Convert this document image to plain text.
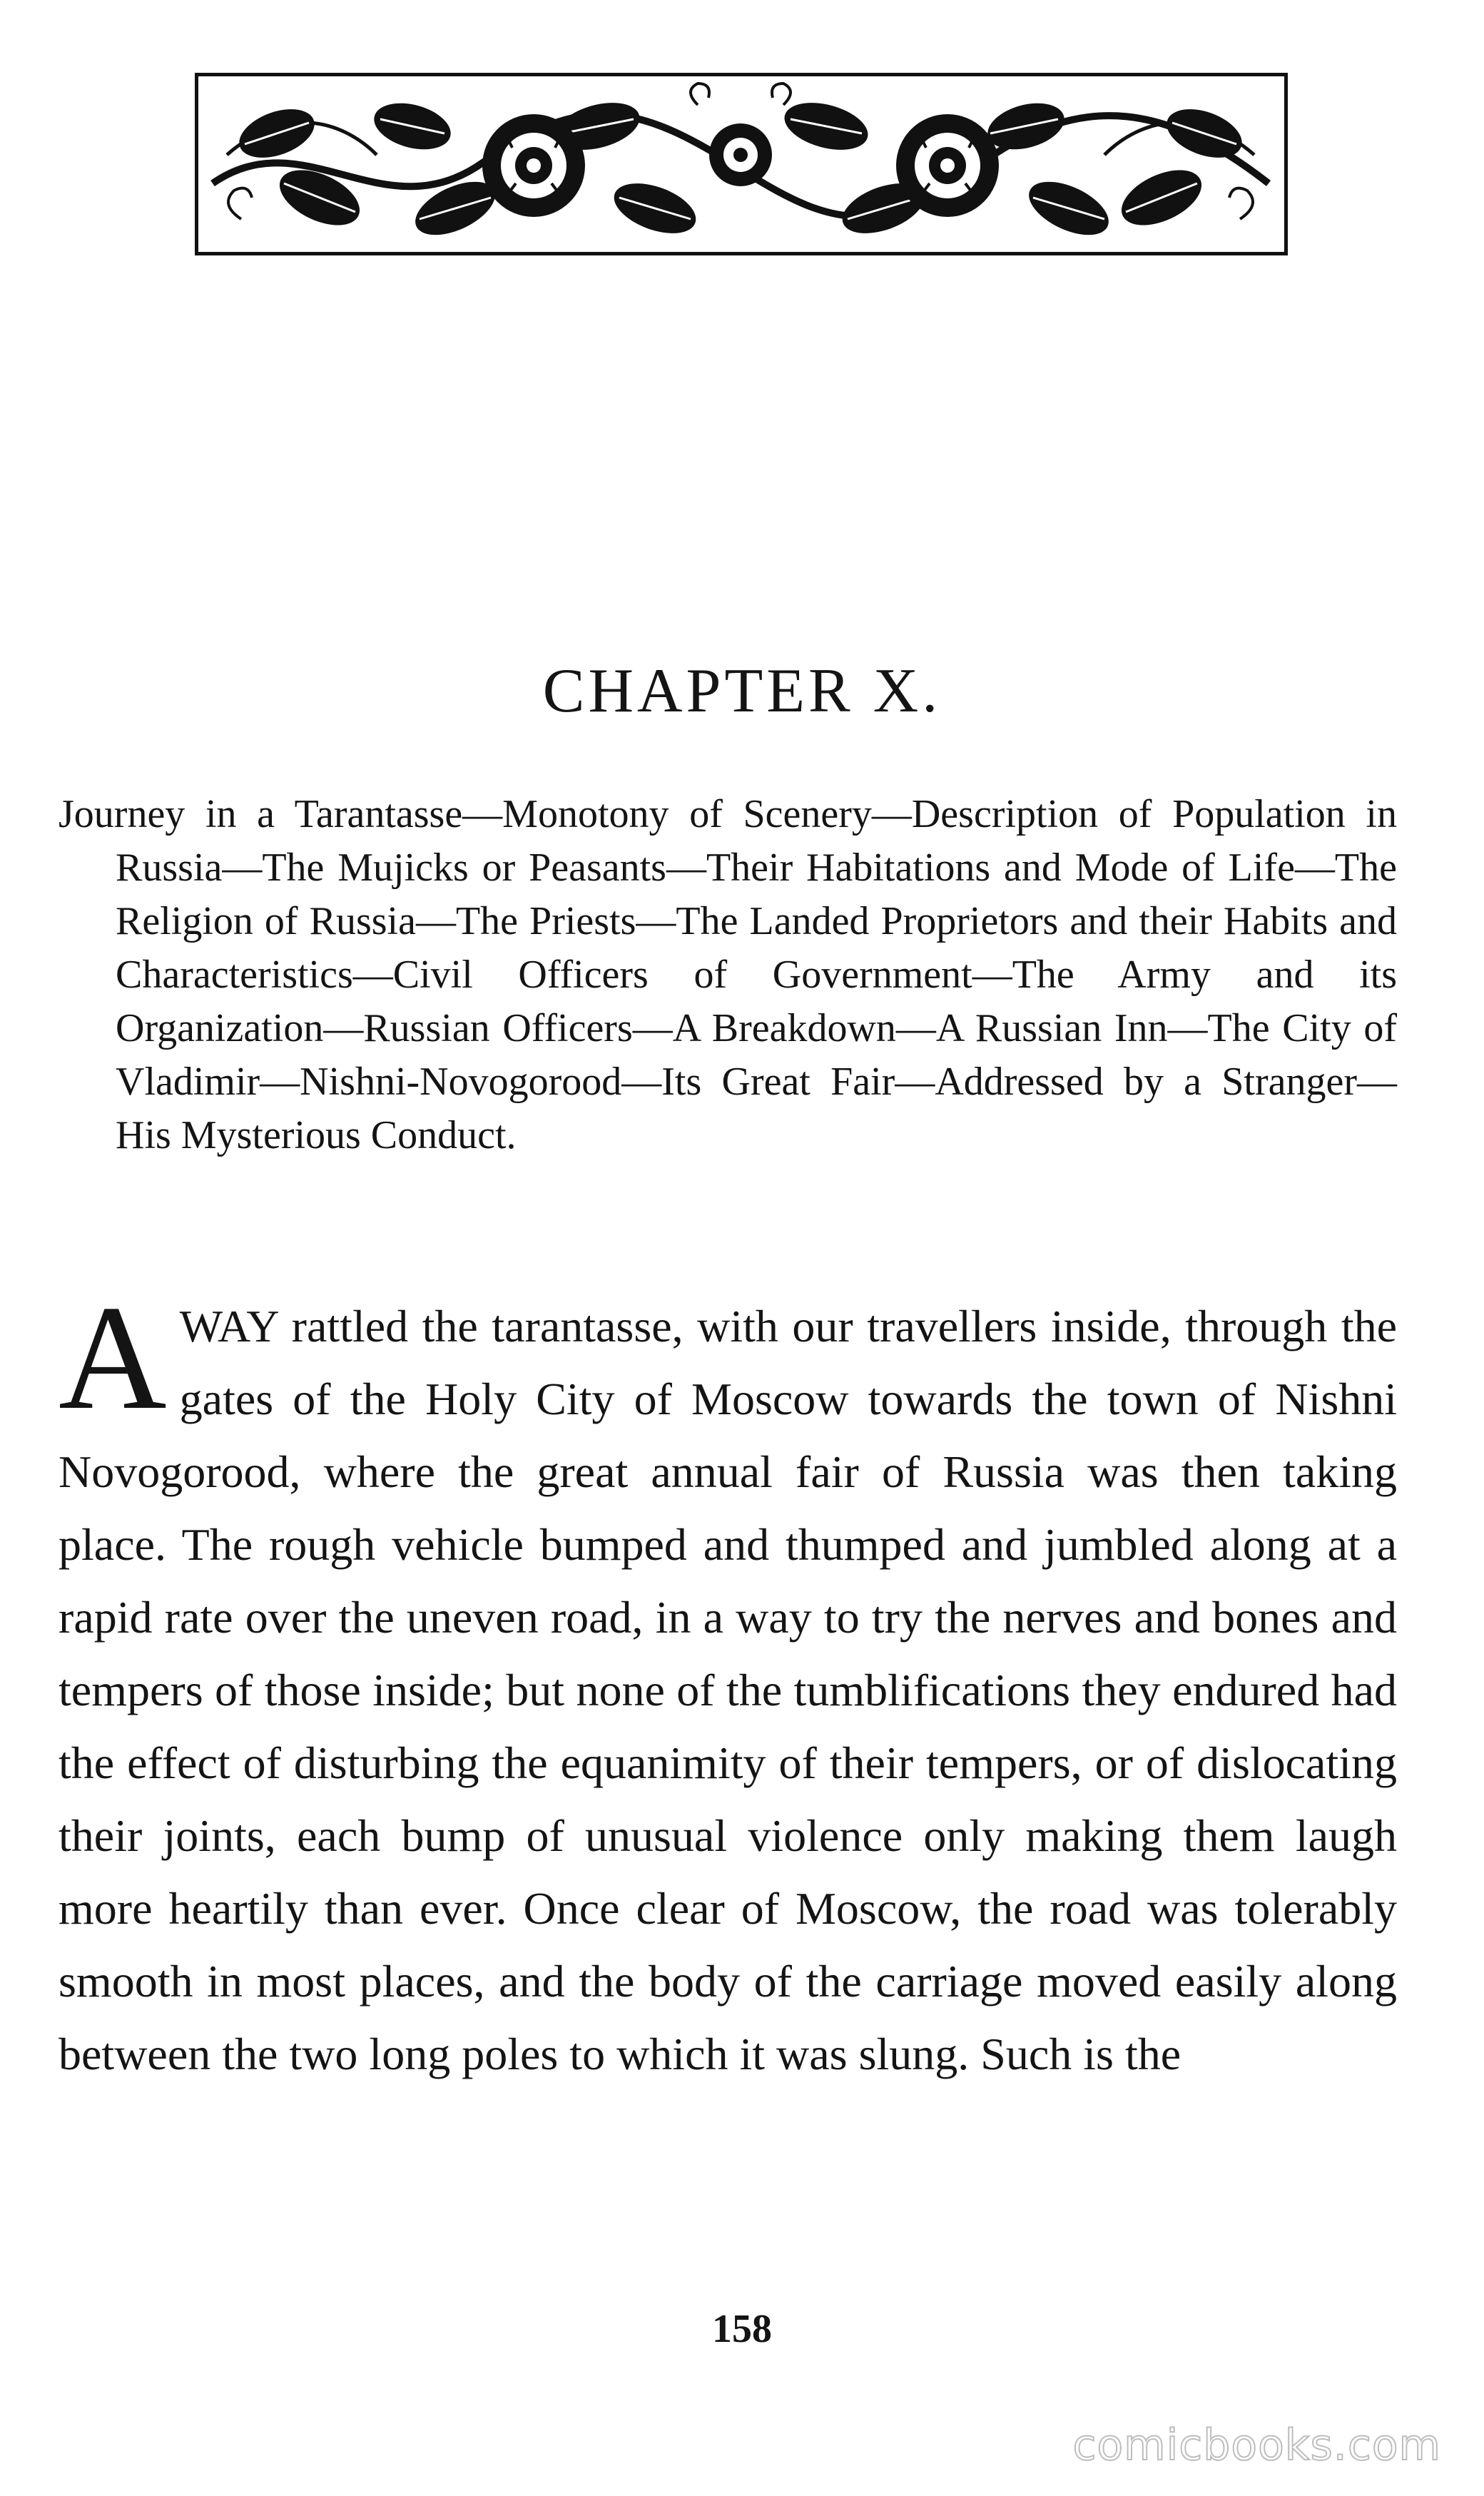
CHAPTER X.

Journey in a Tarantasse—Monotony of Scenery—Description of Population in Russia—The Mujicks or Peasants—Their Habitations and Mode of Life—The Religion of Russia—The Priests—The Landed Proprietors and their Habits and Characteristics—Civil Officers of Government—The Army and its Organization—Russian Officers—A Breakdown—A Russian Inn—The City of Vladimir—Nishni-Novogorood—Its Great Fair—Addressed by a Stranger—His Mysterious Conduct.

A WAY rattled the tarantasse, with our travellers inside, through the gates of the Holy City of Moscow towards the town of Nishni Novogorood, where the great annual fair of Russia was then taking place. The rough vehicle bumped and thumped and jumbled along at a rapid rate over the uneven road, in a way to try the nerves and bones and tempers of those inside; but none of the tumblifications they endured had the effect of disturbing the equanimity of their tempers, or of dislocating their joints, each bump of unusual violence only making them laugh more heartily than ever. Once clear of Moscow, the road was tolerably smooth in most places, and the body of the carriage moved easily along between the two long poles to which it was slung. Such is the
158
comicbooks.com
